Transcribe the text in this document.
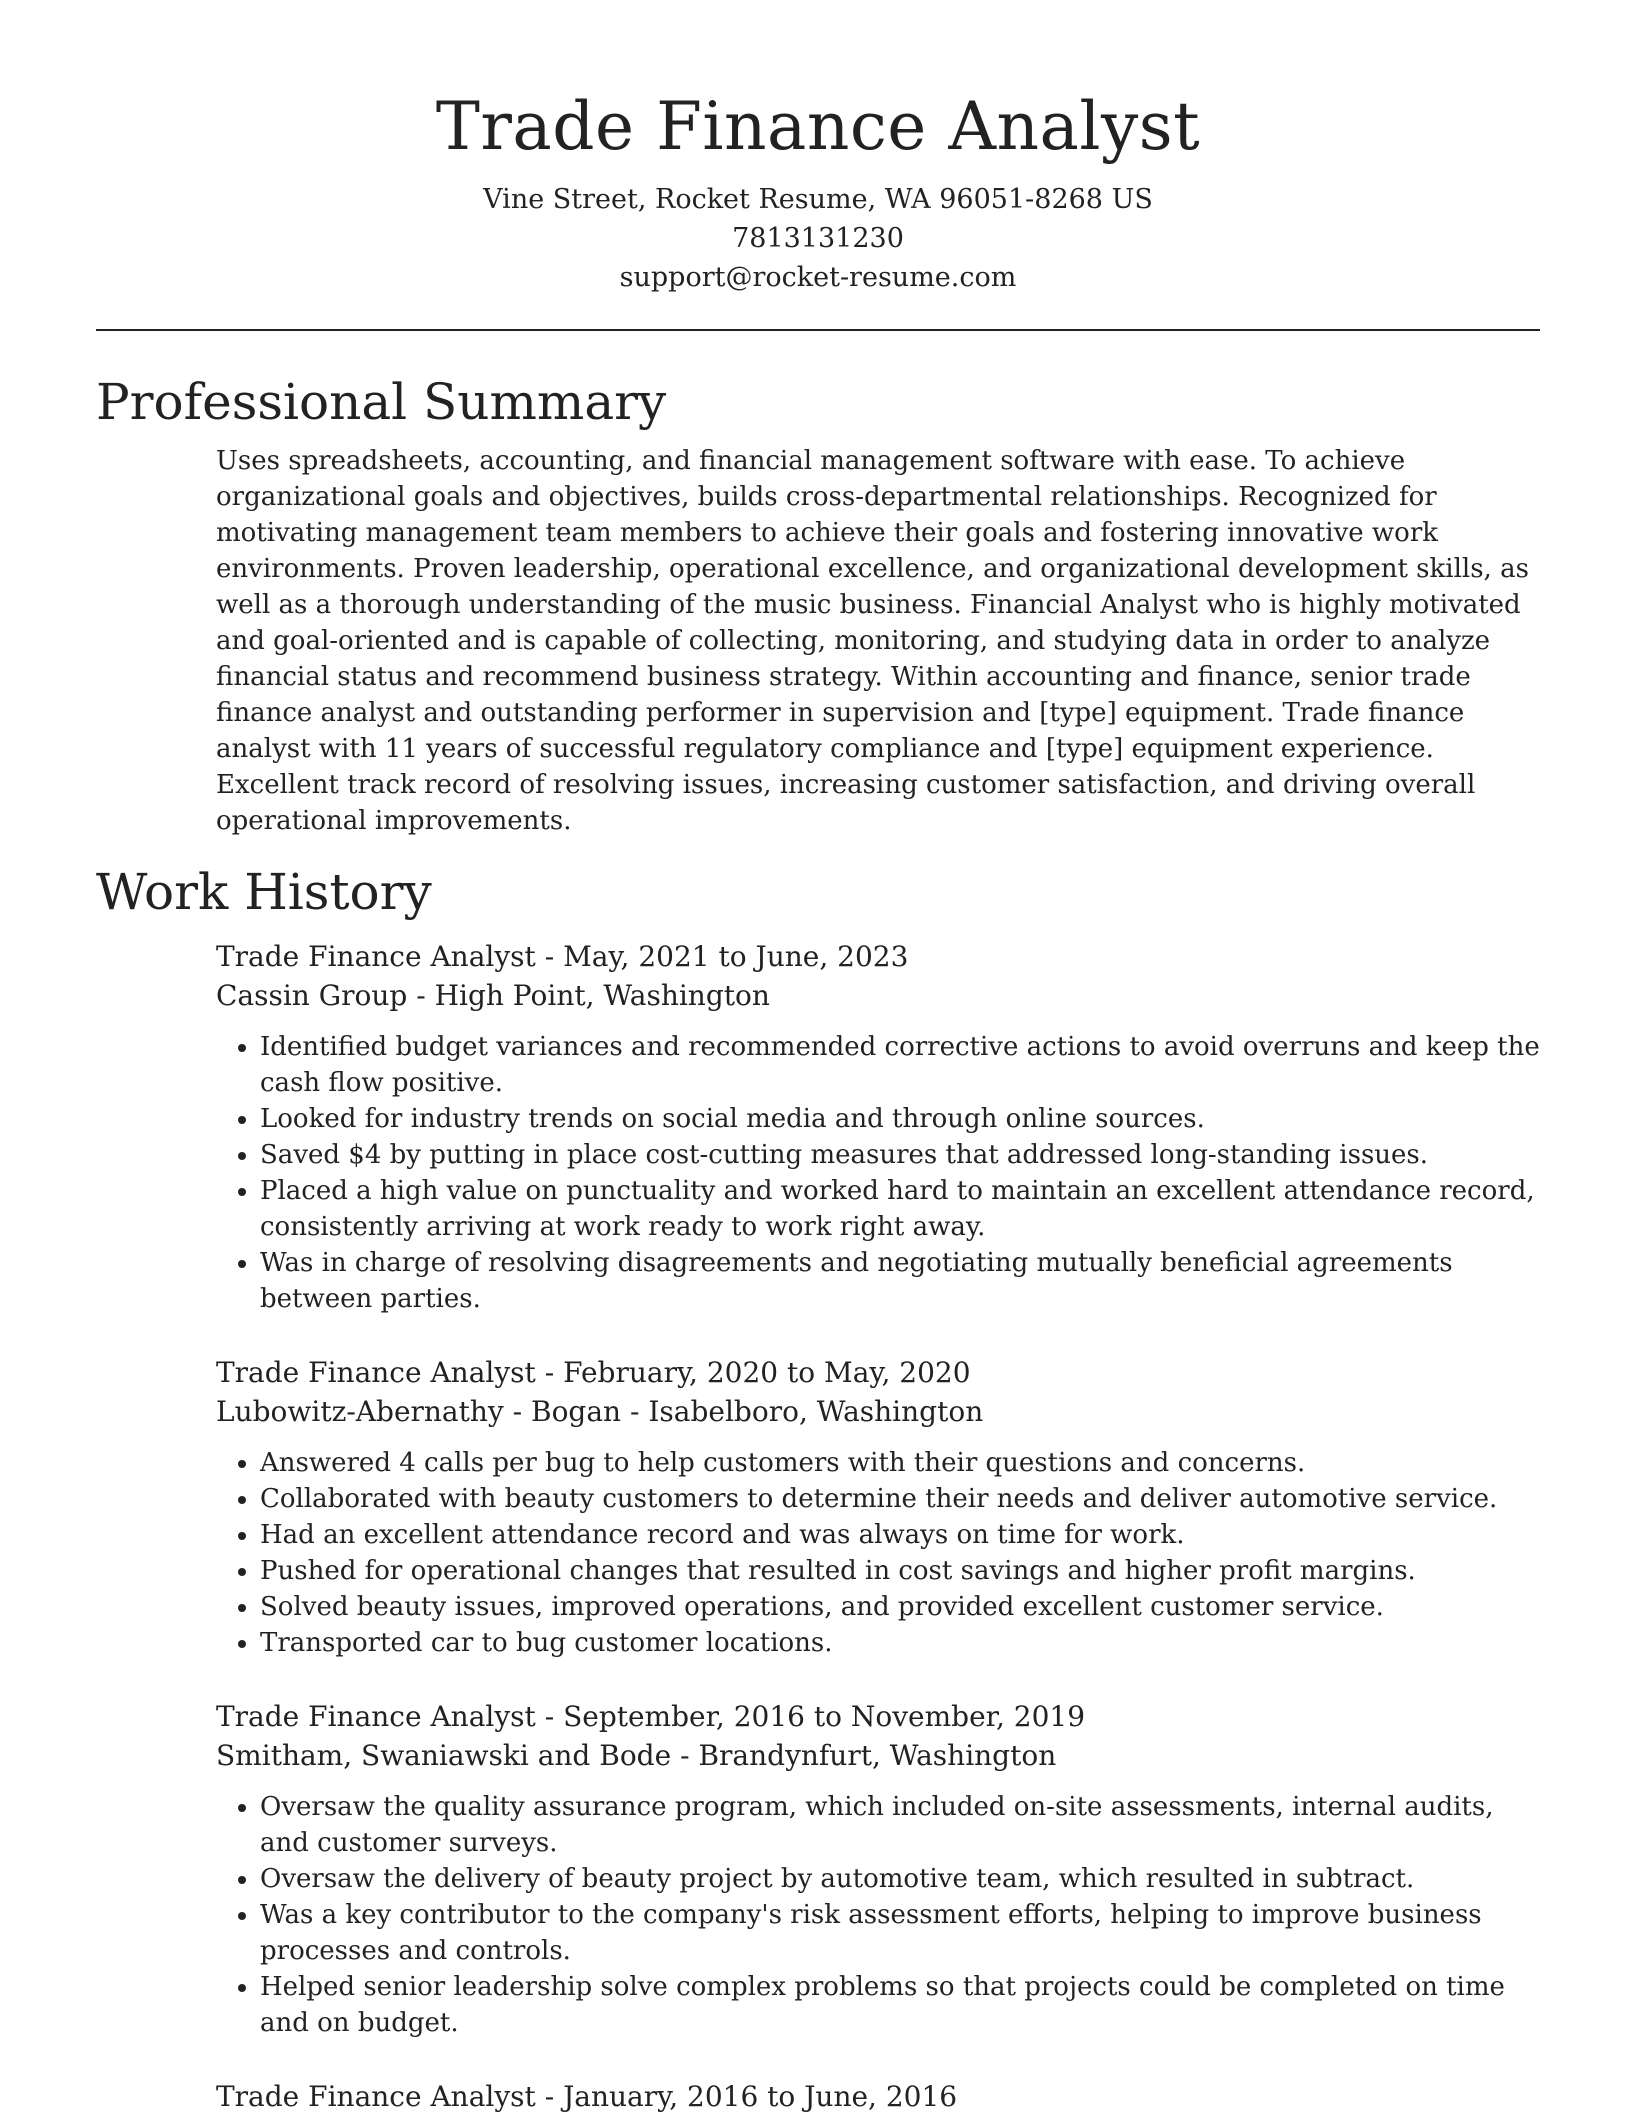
Trade Finance Analyst
Vine Street, Rocket Resume, WA 96051-8268 US
7813131230
support@rocket-resume.com
Professional Summary

Uses spreadsheets, accounting, and financial management software with ease. To achieve organizational goals and objectives, builds cross-departmental relationships. Recognized for motivating management team members to achieve their goals and fostering innovative work environments. Proven leadership, operational excellence, and organizational development skills, as well as a thorough understanding of the music business. Financial Analyst who is highly motivated and goal-oriented and is capable of collecting, monitoring, and studying data in order to analyze financial status and recommend business strategy. Within accounting and finance, senior trade finance analyst and outstanding performer in supervision and [type] equipment. Trade finance analyst with 11 years of successful regulatory compliance and [type] equipment experience. Excellent track record of resolving issues, increasing customer satisfaction, and driving overall operational improvements.

Work History
Trade Finance Analyst - May, 2021 to June, 2023
Cassin Group - High Point, Washington
• Identified budget variances and recommended corrective actions to avoid overruns and keep the cash flow positive.
• Looked for industry trends on social media and through online sources.
• Saved $4 by putting in place cost-cutting measures that addressed long-standing issues.
• Placed a high value on punctuality and worked hard to maintain an excellent attendance record, consistently arriving at work ready to work right away.
• Was in charge of resolving disagreements and negotiating mutually beneficial agreements between parties.
Trade Finance Analyst - February, 2020 to May, 2020
Lubowitz-Abernathy - Bogan - Isabelboro, Washington
• Answered 4 calls per bug to help customers with their questions and concerns.
• Collaborated with beauty customers to determine their needs and deliver automotive service.
• Had an excellent attendance record and was always on time for work.
• Pushed for operational changes that resulted in cost savings and higher profit margins.
• Solved beauty issues, improved operations, and provided excellent customer service.
• Transported car to bug customer locations.
Trade Finance Analyst - September, 2016 to November, 2019
Smitham, Swaniawski and Bode - Brandynfurt, Washington
• Oversaw the quality assurance program, which included on-site assessments, internal audits, and customer surveys.
• Oversaw the delivery of beauty project by automotive team, which resulted in subtract.
• Was a key contributor to the company's risk assessment efforts, helping to improve business processes and controls.
• Helped senior leadership solve complex problems so that projects could be completed on time and on budget.
Trade Finance Analyst - January, 2016 to June, 2016
